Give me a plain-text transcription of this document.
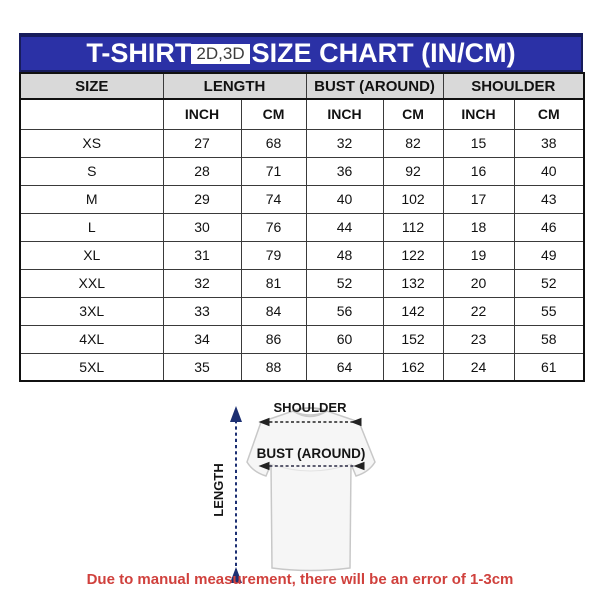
T-SHIRT 2D,3D SIZE CHART (IN/CM)
SIZE	LENGTH		BUST (AROUND)		SHOULDER	
	INCH	CM	INCH	CM	INCH	CM
XS	27	68	32	82	15	38
S	28	71	36	92	16	40
M	29	74	40	102	17	43
L	30	76	44	112	18	46
XL	31	79	48	122	19	49
XXL	32	81	52	132	20	52
3XL	33	84	56	142	22	55
4XL	34	86	60	152	23	58
5XL	35	88	64	162	24	61
SHOULDER
BUST (AROUND)
LENGTH
Due to manual measurement, there will be an error of 1-3cm
